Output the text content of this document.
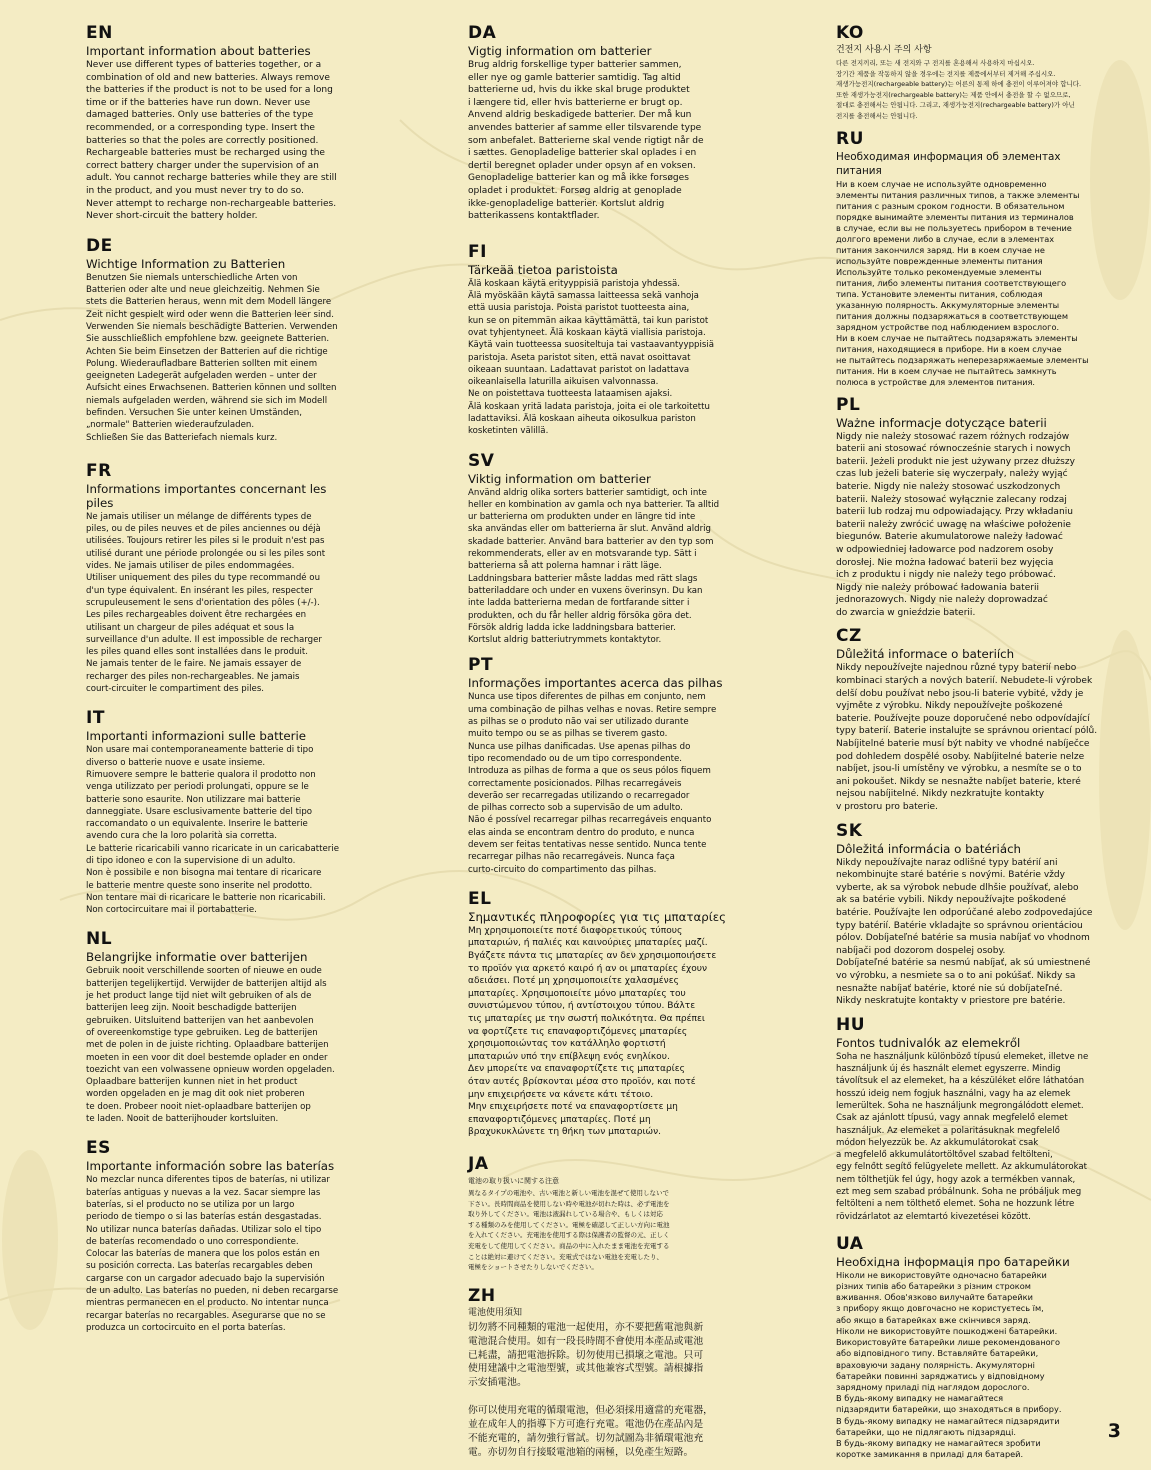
EN
Important information about batteries
Never use different types of batteries together, or a
combination of old and new batteries. Always remove
the batteries if the product is not to be used for a long
time or if the batteries have run down. Never use
damaged batteries. Only use batteries of the type
recommended, or a corresponding type. Insert the
batteries so that the poles are correctly positioned.
Rechargeable batteries must be recharged using the
correct battery charger under the supervision of an
adult. You cannot recharge batteries while they are still
in the product, and you must never try to do so.
Never attempt to recharge non-rechargeable batteries.
Never short-circuit the battery holder.
DE
Wichtige Information zu Batterien
Benutzen Sie niemals unterschiedliche Arten von
Batterien oder alte und neue gleichzeitig. Nehmen Sie
stets die Batterien heraus, wenn mit dem Modell längere
Zeit nicht gespielt wird oder wenn die Batterien leer sind.
Verwenden Sie niemals beschädigte Batterien. Verwenden
Sie ausschließlich empfohlene bzw. geeignete Batterien.
Achten Sie beim Einsetzen der Batterien auf die richtige
Polung. Wiederaufladbare Batterien sollten mit einem
geeigneten Ladegerät aufgeladen werden – unter der
Aufsicht eines Erwachsenen. Batterien können und sollten
niemals aufgeladen werden, während sie sich im Modell
befinden. Versuchen Sie unter keinen Umständen,
„normale" Batterien wiederaufzuladen.
Schließen Sie das Batteriefach niemals kurz.
FR
Informations importantes concernant les piles
Ne jamais utiliser un mélange de différents types de
piles, ou de piles neuves et de piles anciennes ou déjà
utilisées. Toujours retirer les piles si le produit n'est pas
utilisé durant une période prolongée ou si les piles sont
vides. Ne jamais utiliser de piles endommagées.
Utiliser uniquement des piles du type recommandé ou
d'un type équivalent. En insérant les piles, respecter
scrupuleusement le sens d'orientation des pôles (+/-).
Les piles rechargeables doivent être rechargées en
utilisant un chargeur de piles adéquat et sous la
surveillance d'un adulte. Il est impossible de recharger
les piles quand elles sont installées dans le produit.
Ne jamais tenter de le faire. Ne jamais essayer de
recharger des piles non-rechargeables. Ne jamais
court-circuiter le compartiment des piles.
IT
Importanti informazioni sulle batterie
Non usare mai contemporaneamente batterie di tipo
diverso o batterie nuove e usate insieme.
Rimuovere sempre le batterie qualora il prodotto non
venga utilizzato per periodi prolungati, oppure se le
batterie sono esaurite. Non utilizzare mai batterie
danneggiate. Usare esclusivamente batterie del tipo
raccomandato o un equivalente. Inserire le batterie
avendo cura che la loro polarità sia corretta.
Le batterie ricaricabili vanno ricaricate in un caricabatterie
di tipo idoneo e con la supervisione di un adulto.
Non è possibile e non bisogna mai tentare di ricaricare
le batterie mentre queste sono inserite nel prodotto.
Non tentare mai di ricaricare le batterie non ricaricabili.
Non cortocircuitare mai il portabatterie.
NL
Belangrijke informatie over batterijen
Gebruik nooit verschillende soorten of nieuwe en oude
batterijen tegelijkertijd. Verwijder de batterijen altijd als
je het product lange tijd niet wilt gebruiken of als de
batterijen leeg zijn. Nooit beschadigde batterijen
gebruiken. Uitsluitend batterijen van het aanbevolen
of overeenkomstige type gebruiken. Leg de batterijen
met de polen in de juiste richting. Oplaadbare batterijen
moeten in een voor dit doel bestemde oplader en onder
toezicht van een volwassene opnieuw worden opgeladen.
Oplaadbare batterijen kunnen niet in het product
worden opgeladen en je mag dit ook niet proberen
te doen. Probeer nooit niet-oplaadbare batterijen op
te laden. Nooit de batterijhouder kortsluiten.
ES
Importante información sobre las baterías
No mezclar nunca diferentes tipos de baterías, ni utilizar
baterías antiguas y nuevas a la vez. Sacar siempre las
baterías, si el producto no se utiliza por un largo
periodo de tiempo o si las baterías están desgastadas.
No utilizar nunca baterías dañadas. Utilizar solo el tipo
de baterías recomendado o uno correspondiente.
Colocar las baterías de manera que los polos están en
su posición correcta. Las baterías recargables deben
cargarse con un cargador adecuado bajo la supervisión
de un adulto. Las baterías no pueden, ni deben recargarse
mientras permanecen en el producto. No intentar nunca
recargar baterías no recargables. Asegurarse que no se
produzca un cortocircuito en el porta baterías.
DA
Vigtig information om batterier
Brug aldrig forskellige typer batterier sammen,
eller nye og gamle batterier samtidig. Tag altid
batterierne ud, hvis du ikke skal bruge produktet
i længere tid, eller hvis batterierne er brugt op.
Anvend aldrig beskadigede batterier. Der må kun
anvendes batterier af samme eller tilsvarende type
som anbefalet. Batterierne skal vende rigtigt når de
i sættes. Genopladelige batterier skal oplades i en
dertil beregnet oplader under opsyn af en voksen.
Genopladelige batterier kan og må ikke forsøges
opladet i produktet. Forsøg aldrig at genoplade
ikke-genopladelige batterier. Kortslut aldrig
batterikassens kontaktflader.
FI
Tärkeää tietoa paristoista
Älä koskaan käytä erityyppisiä paristoja yhdessä.
Älä myöskään käytä samassa laitteessa sekä vanhoja
että uusia paristoja. Poista paristot tuotteesta aina,
kun se on pitemmän aikaa käyttämättä, tai kun paristot
ovat tyhjentyneet. Älä koskaan käytä viallisia paristoja.
Käytä vain tuotteessa suositeltuja tai vastaavantyyppisiä
paristoja. Aseta paristot siten, että navat osoittavat
oikeaan suuntaan. Ladattavat paristot on ladattava
oikeanlaisella laturilla aikuisen valvonnassa.
Ne on poistettava tuotteesta lataamisen ajaksi.
Älä koskaan yritä ladata paristoja, joita ei ole tarkoitettu
ladattaviksi. Älä koskaan aiheuta oikosulkua pariston
kosketinten välillä.
SV
Viktig information om batterier
Använd aldrig olika sorters batterier samtidigt, och inte
heller en kombination av gamla och nya batterier. Ta alltid
ur batterierna om produkten under en längre tid inte
ska användas eller om batterierna är slut. Använd aldrig
skadade batterier. Använd bara batterier av den typ som
rekommenderats, eller av en motsvarande typ. Sätt i
batterierna så att polerna hamnar i rätt läge.
Laddningsbara batterier måste laddas med rätt slags
batteriladdare och under en vuxens överinsyn. Du kan
inte ladda batterierna medan de fortfarande sitter i
produkten, och du får heller aldrig försöka göra det.
Försök aldrig ladda icke laddningsbara batterier.
Kortslut aldrig batteriutrymmets kontaktytor.
PT
Informações importantes acerca das pilhas
Nunca use tipos diferentes de pilhas em conjunto, nem
uma combinação de pilhas velhas e novas. Retire sempre
as pilhas se o produto não vai ser utilizado durante
muito tempo ou se as pilhas se tiverem gasto.
Nunca use pilhas danificadas. Use apenas pilhas do
tipo recomendado ou de um tipo correspondente.
Introduza as pilhas de forma a que os seus pólos fiquem
correctamente posicionados. Pilhas recarregáveis
deverão ser recarregadas utilizando o recarregador
de pilhas correcto sob a supervisão de um adulto.
Não é possível recarregar pilhas recarregáveis enquanto
elas ainda se encontram dentro do produto, e nunca
devem ser feitas tentativas nesse sentido. Nunca tente
recarregar pilhas não recarregáveis. Nunca faça
curto-circuito do compartimento das pilhas.
EL
Σημαντικές πληροφορίες για τις μπαταρίες
Μη χρησιμοποιείτε ποτέ διαφορετικούς τύπους
μπαταριών, ή παλιές και καινούριες μπαταρίες μαζί.
Βγάζετε πάντα τις μπαταρίες αν δεν χρησιμοποιήσετε
το προϊόν για αρκετό καιρό ή αν οι μπαταρίες έχουν
αδειάσει. Ποτέ μη χρησιμοποιείτε χαλασμένες
μπαταρίες. Χρησιμοποιείτε μόνο μπαταρίες του
συνιστώμενου τύπου, ή αντίστοιχου τύπου. Βάλτε
τις μπαταρίες με την σωστή πολικότητα. Θα πρέπει
να φορτίζετε τις επαναφορτιζόμενες μπαταρίες
χρησιμοποιώντας τον κατάλληλο φορτιστή
μπαταριών υπό την επίβλεψη ενός ενηλίκου.
Δεν μπορείτε να επαναφορτίζετε τις μπαταρίες
όταν αυτές βρίσκονται μέσα στο προϊόν, και ποτέ
μην επιχειρήσετε να κάνετε κάτι τέτοιο.
Μην επιχειρήσετε ποτέ να επαναφορτίσετε μη
επαναφορτιζόμενες μπαταρίες. Ποτέ μη
βραχυκυκλώνετε τη θήκη των μπαταριών.
JA
電池の取り扱いに関する注意
異なるタイプの電池や、古い電池と新しい電池を混ぜて使用しないで
下さい。長時間商品を使用しない時や電池が切れた時は、必ず電池を
取り外してください。電池は液漏れしている場合や、もしくは対応
する種類のみを使用してください。電極を確認して正しい方向に電池
を入れてください。充電池を使用する際は保護者の監督の元、正しく
充電をして使用してください。商品の中に入れたまま電池を充電する
ことは絶対に避けてください。充電式ではない電池を充電したり、
電極をショートさせたりしないでください。
ZH
電池使用須知
切勿將不同種類的電池一起使用，亦不要把舊電池與新
電池混合使用。如有一段長時間不會使用本產品或電池
已耗盡，請把電池拆除。切勿使用已損壞之電池。只可
使用建議中之電池型號，或其他兼容式型號。請根據指
示安插電池。

你可以使用充電的循環電池，但必須採用適當的充電器，
並在成年人的指導下方可進行充電。電池仍在產品內是
不能充電的，請勿強行嘗試。切勿試圖為非循環電池充
電。亦切勿自行接駁電池箱的兩極，以免產生短路。
KO
건전지 사용시 주의 사항
다른 전지끼리, 또는 새 전지와 구 전지를 혼용해서 사용하지 마십시오.
장기간 제품을 작동하지 않을 경우에는 전지를 제품에서부터 제거해 주십시오.
재생가능전지(rechargeable battery)는 어른의 통제 하에 충전이 이루어져야 합니다.
또한 재생가능전지(rechargeable battery)는 제품 안에서 충전을 할 수 없으므로,
절대로 충전해서는 안됩니다. 그리고, 재생가능전지(rechargeable battery)가 아닌
전지를 충전해서는 안됩니다.
RU
Необходимая информация об элементах питания
Ни в коем случае не используйте одновременно
элементы питания различных типов, а также элементы
питания с разным сроком годности. В обязательном
порядке вынимайте элементы питания из терминалов
в случае, если вы не пользуетесь прибором в течение
долгого времени либо в случае, если в элементах
питания закончился заряд. Ни в коем случае не
используйте поврежденные элементы питания
Используйте только рекомендуемые элементы
питания, либо элементы питания соответствующего
типа. Установите элементы питания, соблюдая
указанную полярность. Аккумуляторные элементы
питания должны подзаряжаться в соответствующем
зарядном устройстве под наблюдением взрослого.
Ни в коем случае не пытайтесь подзаряжать элементы
питания, находящиеся в приборе. Ни в коем случае
не пытайтесь подзаряжать неперезаряжаемые элементы
питания. Ни в коем случае не пытайтесь замкнуть
полюса в устройстве для элементов питания.
PL
Ważne informacje dotyczące baterii
Nigdy nie należy stosować razem różnych rodzajów
baterii ani stosować równocześnie starych i nowych
baterii. Jeżeli produkt nie jest używany przez dłuższy
czas lub jeżeli baterie się wyczerpały, należy wyjąć
baterie. Nigdy nie należy stosować uszkodzonych
baterii. Należy stosować wyłącznie zalecany rodzaj
baterii lub rodzaj mu odpowiadający. Przy wkładaniu
baterii należy zwrócić uwagę na właściwe położenie
biegunów. Baterie akumulatorowe należy ładować
w odpowiedniej ładowarce pod nadzorem osoby
dorosłej. Nie można ładować baterii bez wyjęcia
ich z produktu i nigdy nie należy tego próbować.
Nigdy nie należy próbować ładowania baterii
jednorazowych. Nigdy nie należy doprowadzać
do zwarcia w gnieździe baterii.
CZ
Důležitá informace o bateriích
Nikdy nepoužívejte najednou různé typy baterií nebo
kombinaci starých a nových baterií. Nebudete-li výrobek
delší dobu používat nebo jsou-li baterie vybité, vždy je
vyjměte z výrobku. Nikdy nepoužívejte poškozené
baterie. Používejte pouze doporučené nebo odpovídající
typy baterií. Baterie instalujte se správnou orientací pólů.
Nabíjitelné baterie musí být nabity ve vhodné nabíječce
pod dohledem dospělé osoby. Nabíjitelné baterie nelze
nabíjet, jsou-li umístěny ve výrobku, a nesmíte se o to
ani pokoušet. Nikdy se nesnažte nabíjet baterie, které
nejsou nabíjitelné. Nikdy nezkratujte kontakty
v prostoru pro baterie.
SK
Dôležitá informácia o batériách
Nikdy nepoužívajte naraz odlišné typy batérií ani
nekombinujte staré batérie s novými. Batérie vždy
vyberte, ak sa výrobok nebude dlhšie používať, alebo
ak sa batérie vybili. Nikdy nepoužívajte poškodené
batérie. Používajte len odporúčané alebo zodpovedajúce
typy batérií. Batérie vkladajte so správnou orientáciou
pólov. Dobíjateľné batérie sa musia nabíjať vo vhodnom
nabíjači pod dozorom dospelej osoby.
Dobíjateľné batérie sa nesmú nabíjať, ak sú umiestnené
vo výrobku, a nesmiete sa o to ani pokúšať. Nikdy sa
nesnažte nabíjať batérie, ktoré nie sú dobíjateľné.
Nikdy neskratujte kontakty v priestore pre batérie.
HU
Fontos tudnivalók az elemekről
Soha ne használjunk különböző típusú elemeket, illetve ne
használjunk új és használt elemet egyszerre. Mindig
távolítsuk el az elemeket, ha a készüléket előre láthatóan
hosszú ideig nem fogjuk használni, vagy ha az elemek
lemerültek. Soha ne használjunk megrongálódott elemet.
Csak az ajánlott típusú, vagy annak megfelelő elemet
használjuk. Az elemeket a polaritásuknak megfelelő
módon helyezzük be. Az akkumulátorokat csak
a megfelelő akkumulátortöltővel szabad feltölteni,
egy felnőtt segítő felügyelete mellett. Az akkumulátorokat
nem tölthetjük fel úgy, hogy azok a termékben vannak,
ezt meg sem szabad próbálnunk. Soha ne próbáljuk meg
feltölteni a nem tölthető elemet. Soha ne hozzunk létre
rövidzárlatot az elemtartó kivezetései között.
UA
Необхідна інформація про батарейки
Ніколи не використовуйте одночасно батарейки
різних типів або батарейки з різним строком
вживання. Обов'язково вилучайте батарейки
з прибору якщо довгочасно не користуєтесь їм,
або якщо в батарейках вже скінчився заряд.
Ніколи не використовуйте пошкоджені батарейки.
Використовуйте батарейки лише рекомендованого
або відповідного типу. Вставляйте батарейки,
враховуючи задану полярність. Акумуляторні
батарейки повинні заряджатись у відповідному
зарядному приладі під наглядом дорослого.
В будь-якому випадку не намагайтеся
підзарядити батарейки, що знаходяться в прибору.
В будь-якому випадку не намагайтеся підзарядити
батарейки, що не підлягають підзарядці.
В будь-якому випадку не намагайтеся зробити
коротке замикання в приладі для батарей.
3
